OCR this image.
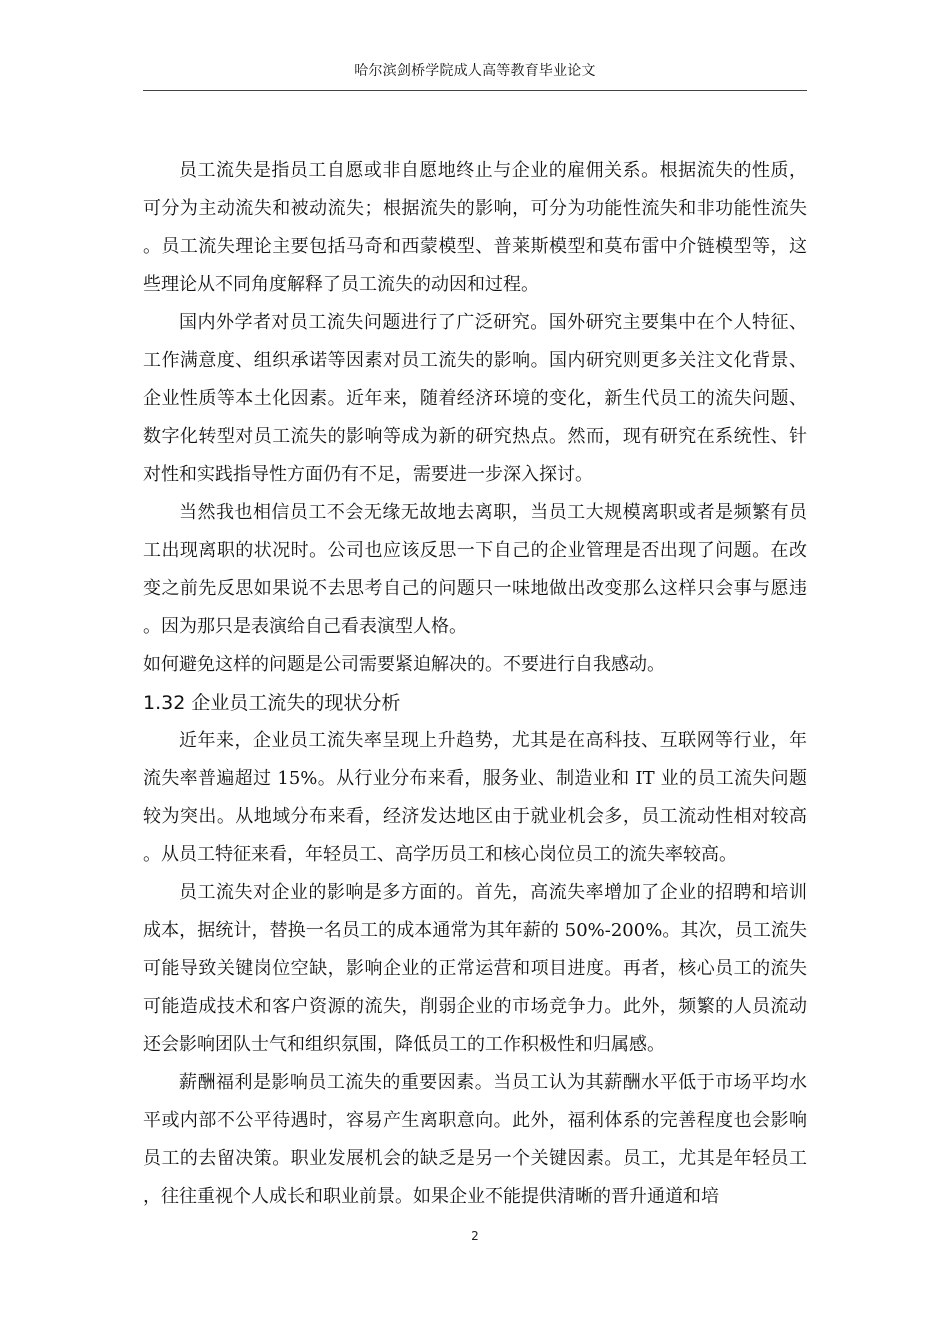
哈尔滨剑桥学院成人高等教育毕业论文

员工流失是指员工自愿或非自愿地终止与企业的雇佣关系。根据流失的性质，可分为主动流失和被动流失；根据流失的影响，可分为功能性流失和非功能性流失。员工流失理论主要包括马奇和西蒙模型、普莱斯模型和莫布雷中介链模型等，这些理论从不同角度解释了员工流失的动因和过程。

国内外学者对员工流失问题进行了广泛研究。国外研究主要集中在个人特征、工作满意度、组织承诺等因素对员工流失的影响。国内研究则更多关注文化背景、企业性质等本土化因素。近年来，随着经济环境的变化，新生代员工的流失问题、数字化转型对员工流失的影响等成为新的研究热点。然而，现有研究在系统性、针对性和实践指导性方面仍有不足，需要进一步深入探讨。

当然我也相信员工不会无缘无故地去离职，当员工大规模离职或者是频繁有员工出现离职的状况时。公司也应该反思一下自己的企业管理是否出现了问题。在改变之前先反思如果说不去思考自己的问题只一味地做出改变那么这样只会事与愿违。因为那只是表演给自己看表演型人格。

如何避免这样的问题是公司需要紧迫解决的。不要进行自我感动。

1.32 企业员工流失的现状分析

近年来，企业员工流失率呈现上升趋势，尤其是在高科技、互联网等行业，年流失率普遍超过 15%。从行业分布来看，服务业、制造业和 IT 业的员工流失问题较为突出。从地域分布来看，经济发达地区由于就业机会多，员工流动性相对较高。从员工特征来看，年轻员工、高学历员工和核心岗位员工的流失率较高。

员工流失对企业的影响是多方面的。首先，高流失率增加了企业的招聘和培训成本，据统计，替换一名员工的成本通常为其年薪的 50%-200%。其次，员工流失可能导致关键岗位空缺，影响企业的正常运营和项目进度。再者，核心员工的流失可能造成技术和客户资源的流失，削弱企业的市场竞争力。此外，频繁的人员流动还会影响团队士气和组织氛围，降低员工的工作积极性和归属感。

薪酬福利是影响员工流失的重要因素。当员工认为其薪酬水平低于市场平均水平或内部不公平待遇时，容易产生离职意向。此外，福利体系的完善程度也会影响员工的去留决策。职业发展机会的缺乏是另一个关键因素。员工，尤其是年轻员工，往往重视个人成长和职业前景。如果企业不能提供清晰的晋升通道和培

2
